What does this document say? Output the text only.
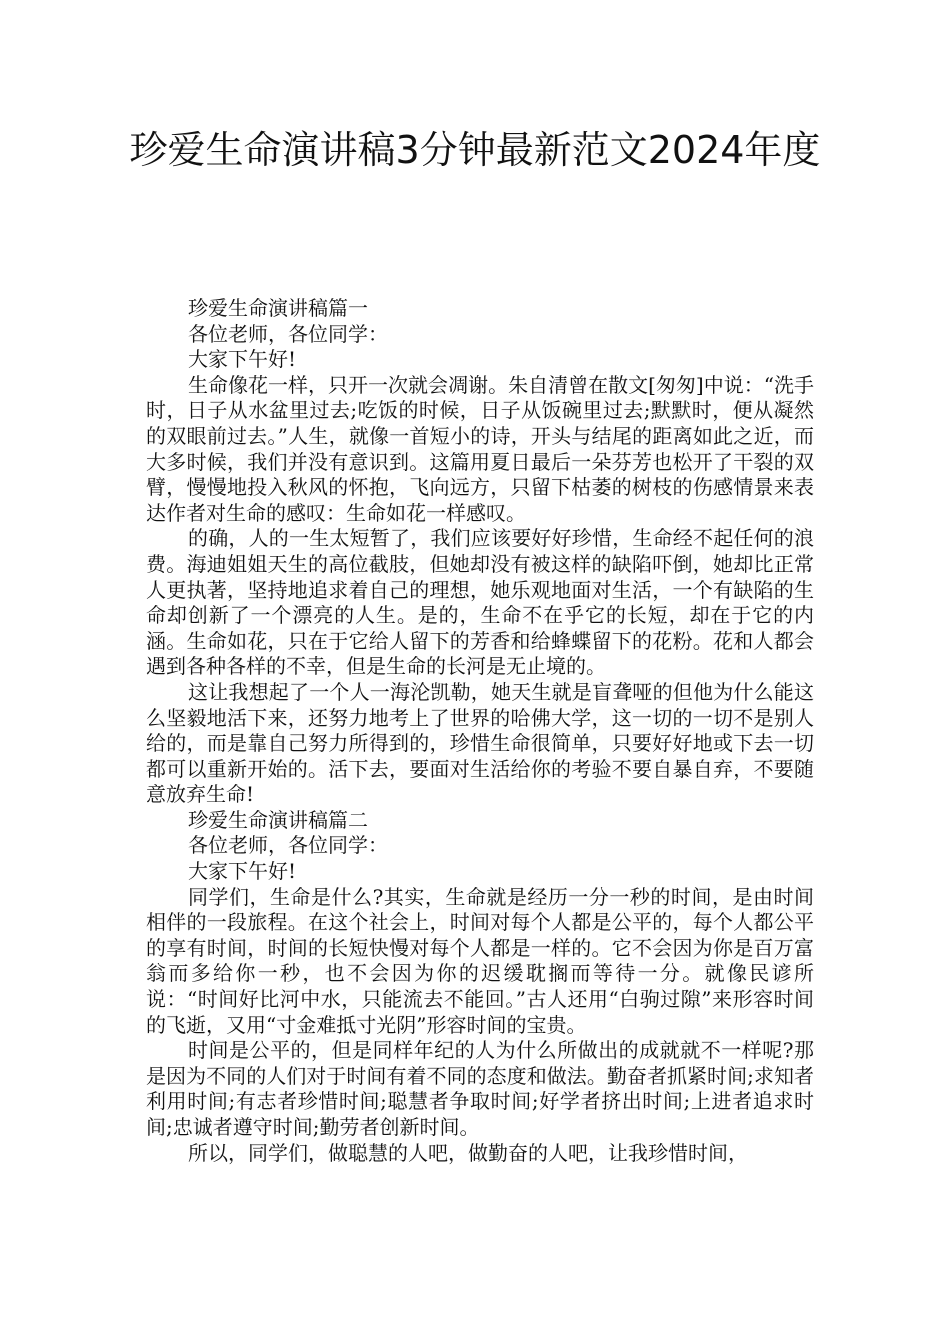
珍爱生命演讲稿3分钟最新范文2024年度

珍爱生命演讲稿篇一

各位老师，各位同学：

大家下午好!

生命像花一样，只开一次就会凋谢。朱自清曾在散文[匆匆]中说：“洗手时，日子从水盆里过去;吃饭的时候，日子从饭碗里过去;默默时，便从凝然的双眼前过去。”人生，就像一首短小的诗，开头与结尾的距离如此之近，而大多时候，我们并没有意识到。这篇用夏日最后一朵芬芳也松开了干裂的双臂，慢慢地投入秋风的怀抱，飞向远方，只留下枯萎的树枝的伤感情景来表达作者对生命的感叹：生命如花一样感叹。

的确，人的一生太短暂了，我们应该要好好珍惜，生命经不起任何的浪费。海迪姐姐天生的高位截肢，但她却没有被这样的缺陷吓倒，她却比正常人更执著，坚持地追求着自己的理想，她乐观地面对生活，一个有缺陷的生命却创新了一个漂亮的人生。是的，生命不在乎它的长短，却在于它的内涵。生命如花，只在于它给人留下的芳香和给蜂蝶留下的花粉。花和人都会遇到各种各样的不幸，但是生命的长河是无止境的。

这让我想起了一个人一海沦凯勒，她天生就是盲聋哑的但他为什么能这么坚毅地活下来，还努力地考上了世界的哈佛大学，这一切的一切不是别人给的，而是靠自己努力所得到的，珍惜生命很简单，只要好好地或下去一切都可以重新开始的。活下去，要面对生活给你的考验不要自暴自弃，不要随意放弃生命!

珍爱生命演讲稿篇二

各位老师，各位同学：

大家下午好!

同学们，生命是什么?其实，生命就是经历一分一秒的时间，是由时间相伴的一段旅程。在这个社会上，时间对每个人都是公平的，每个人都公平的享有时间，时间的长短快慢对每个人都是一样的。它不会因为你是百万富翁而多给你一秒，也不会因为你的迟缓耽搁而等待一分。就像民谚所说：“时间好比河中水，只能流去不能回。”古人还用“白驹过隙”来形容时间的飞逝，又用“寸金难抵寸光阴”形容时间的宝贵。

时间是公平的，但是同样年纪的人为什么所做出的成就就不一样呢?那是因为不同的人们对于时间有着不同的态度和做法。勤奋者抓紧时间;求知者利用时间;有志者珍惜时间;聪慧者争取时间;好学者挤出时间;上进者追求时间;忠诚者遵守时间;勤劳者创新时间。

所以，同学们，做聪慧的人吧，做勤奋的人吧，让我珍惜时间，
